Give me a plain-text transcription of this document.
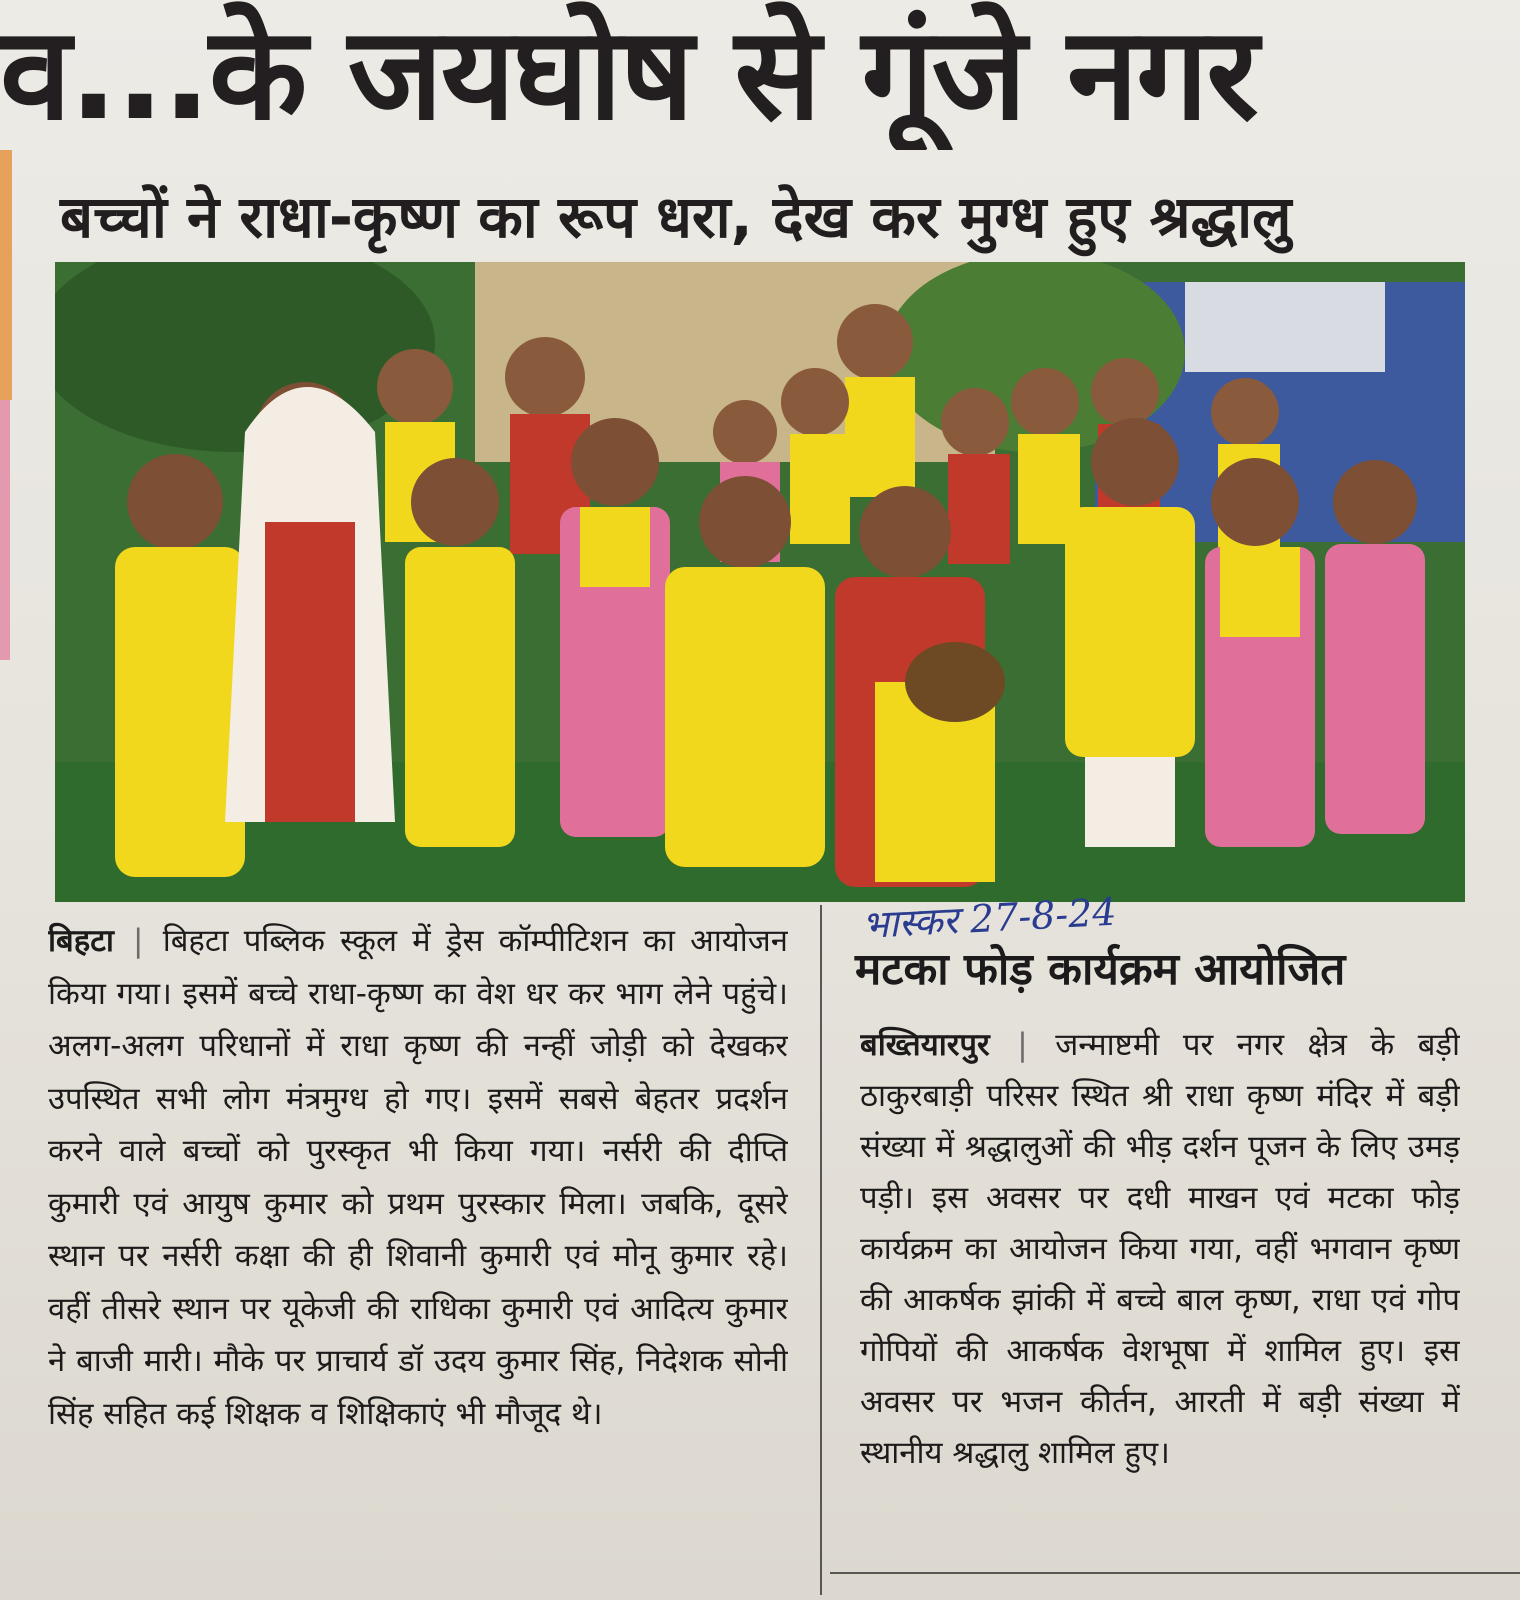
व...के जयघोष से गूंजे नगर
बच्चों ने राधा-कृष्ण का रूप धरा, देख कर मुग्ध हुए श्रद्धालु
बिहटा | बिहटा पब्लिक स्कूल में ड्रेस कॉम्पीटिशन का आयोजन किया गया। इसमें बच्चे राधा-कृष्ण का वेश धर कर भाग लेने पहुंचे। अलग-अलग परिधानों में राधा कृष्ण की नन्हीं जोड़ी को देखकर उपस्थित सभी लोग मंत्रमुग्ध हो गए। इसमें सबसे बेहतर प्रदर्शन करने वाले बच्चों को पुरस्कृत भी किया गया। नर्सरी की दीप्ति कुमारी एवं आयुष कुमार को प्रथम पुरस्कार मिला। जबकि, दूसरे स्थान पर नर्सरी कक्षा की ही शिवानी कुमारी एवं मोनू कुमार रहे। वहीं तीसरे स्थान पर यूकेजी की राधिका कुमारी एवं आदित्य कुमार ने बाजी मारी। मौके पर प्राचार्य डॉ उदय कुमार सिंह, निदेशक सोनी सिंह सहित कई शिक्षक व शिक्षिकाएं भी मौजूद थे।
भास्कर 27-8-24
मटका फोड़ कार्यक्रम आयोजित
बख्तियारपुर | जन्माष्टमी पर नगर क्षेत्र के बड़ी ठाकुरबाड़ी परिसर स्थित श्री राधा कृष्ण मंदिर में बड़ी संख्या में श्रद्धालुओं की भीड़ दर्शन पूजन के लिए उमड़ पड़ी। इस अवसर पर दधी माखन एवं मटका फोड़ कार्यक्रम का आयोजन किया गया, वहीं भगवान कृष्ण की आकर्षक झांकी में बच्चे बाल कृष्ण, राधा एवं गोप गोपियों की आकर्षक वेशभूषा में शामिल हुए। इस अवसर पर भजन कीर्तन, आरती में बड़ी संख्या में स्थानीय श्रद्धालु शामिल हुए।
